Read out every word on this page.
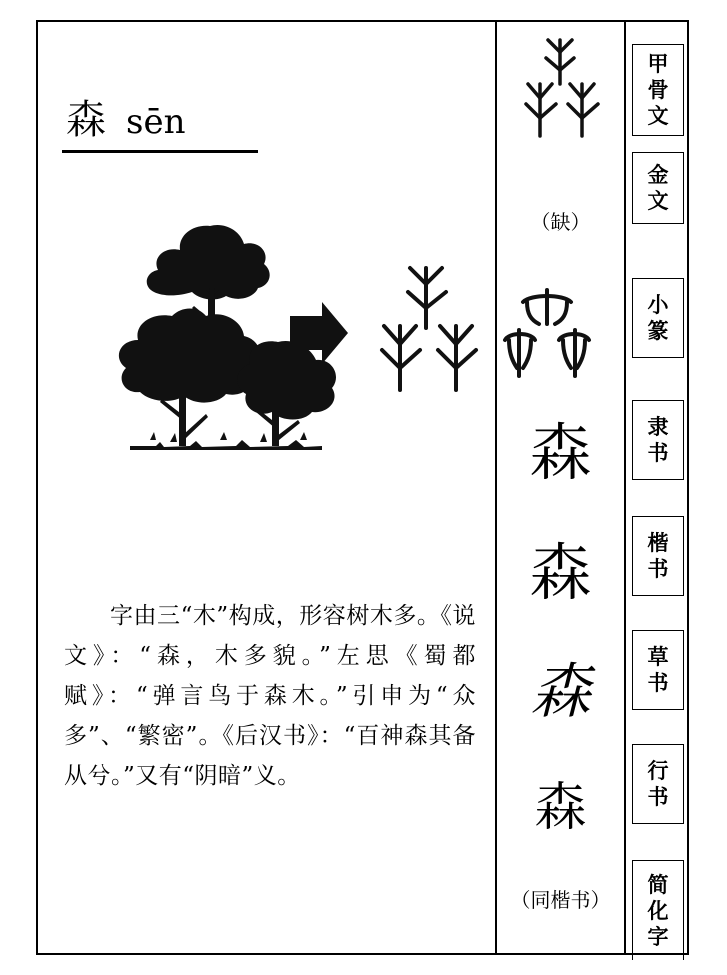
森 sēn
字由三“木”构成，形容树木多。《说文》：“森，木多貌。”左思《蜀都赋》：“弹言鸟于森木。”引申为“众多”、“繁密”。《后汉书》：“百神森其备从兮。”又有“阴暗”义。
（缺）
森
森
森
森
（同楷书）
甲
骨
文
金
文
小
篆
隶
书
楷
书
草
书
行
书
简
化
字
